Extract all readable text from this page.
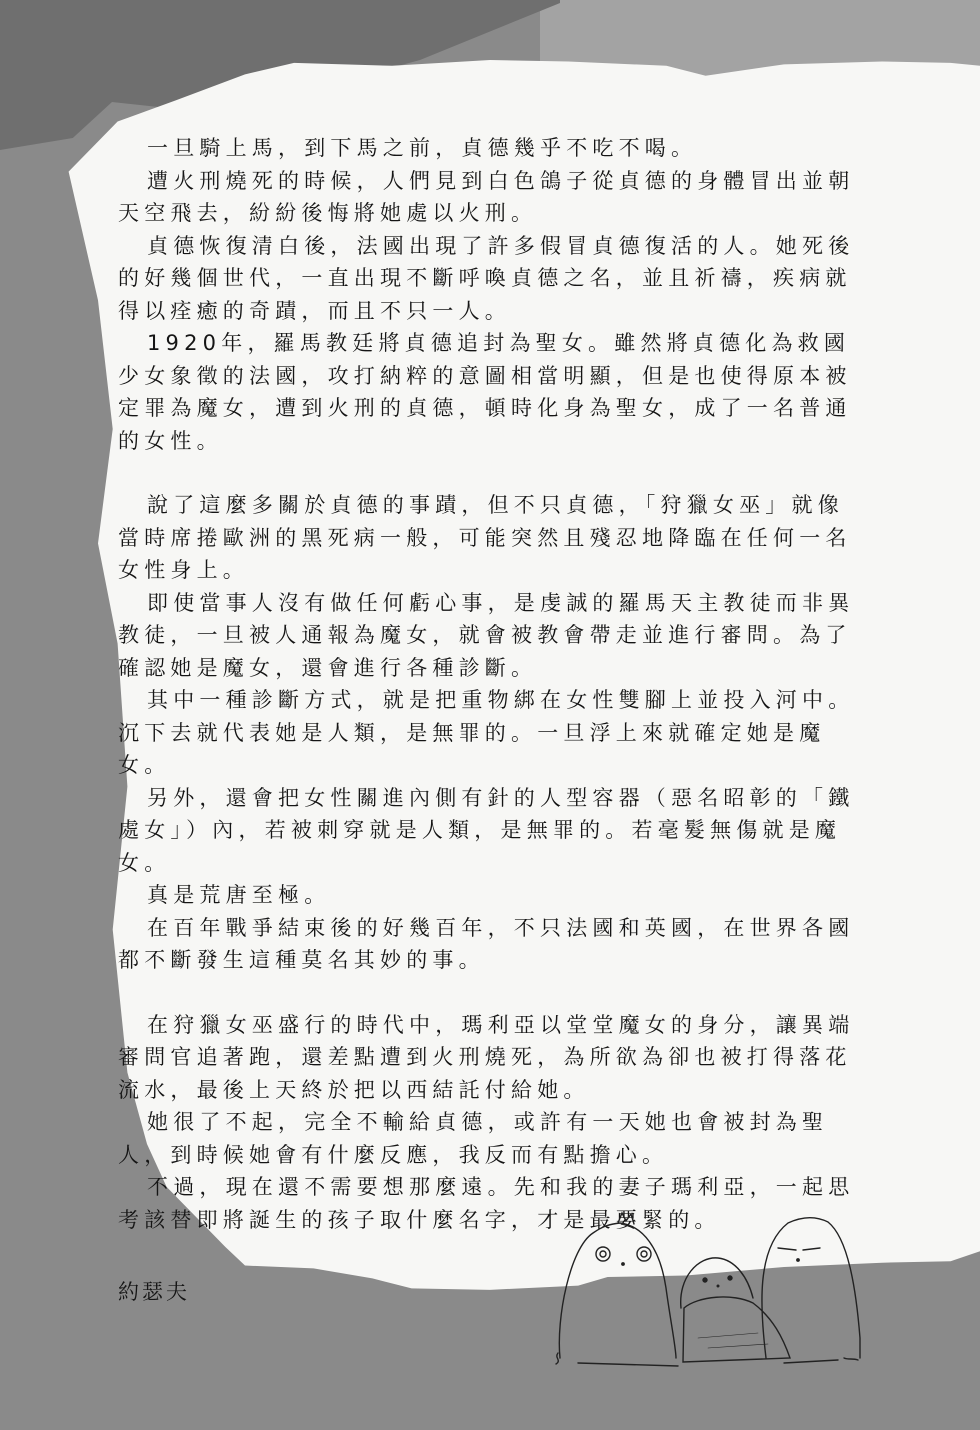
一旦騎上馬，到下馬之前，貞德幾乎不吃不喝。

遭火刑燒死的時候，人們見到白色鴿子從貞德的身體冒出並朝天空飛去，紛紛後悔將她處以火刑。

貞德恢復清白後，法國出現了許多假冒貞德復活的人。她死後的好幾個世代，一直出現不斷呼喚貞德之名，並且祈禱，疾病就得以痊癒的奇蹟，而且不只一人。

1920年，羅馬教廷將貞德追封為聖女。雖然將貞德化為救國少女象徵的法國，攻打納粹的意圖相當明顯，但是也使得原本被定罪為魔女，遭到火刑的貞德，頓時化身為聖女，成了一名普通的女性。

說了這麼多關於貞德的事蹟，但不只貞德，「狩獵女巫」就像當時席捲歐洲的黑死病一般，可能突然且殘忍地降臨在任何一名女性身上。

即使當事人沒有做任何虧心事，是虔誠的羅馬天主教徒而非異教徒，一旦被人通報為魔女，就會被教會帶走並進行審問。為了確認她是魔女，還會進行各種診斷。

其中一種診斷方式，就是把重物綁在女性雙腳上並投入河中。沉下去就代表她是人類，是無罪的。一旦浮上來就確定她是魔女。

另外，還會把女性關進內側有針的人型容器（惡名昭彰的「鐵處女」）內，若被刺穿就是人類，是無罪的。若毫髮無傷就是魔女。

真是荒唐至極。

在百年戰爭結束後的好幾百年，不只法國和英國，在世界各國都不斷發生這種莫名其妙的事。

在狩獵女巫盛行的時代中，瑪利亞以堂堂魔女的身分，讓異端審問官追著跑，還差點遭到火刑燒死，為所欲為卻也被打得落花流水，最後上天終於把以西結託付給她。

她很了不起，完全不輸給貞德，或許有一天她也會被封為聖人，到時候她會有什麼反應，我反而有點擔心。

不過，現在還不需要想那麼遠。先和我的妻子瑪利亞，一起思考該替即將誕生的孩子取什麼名字，才是最要緊的。

約瑟夫
